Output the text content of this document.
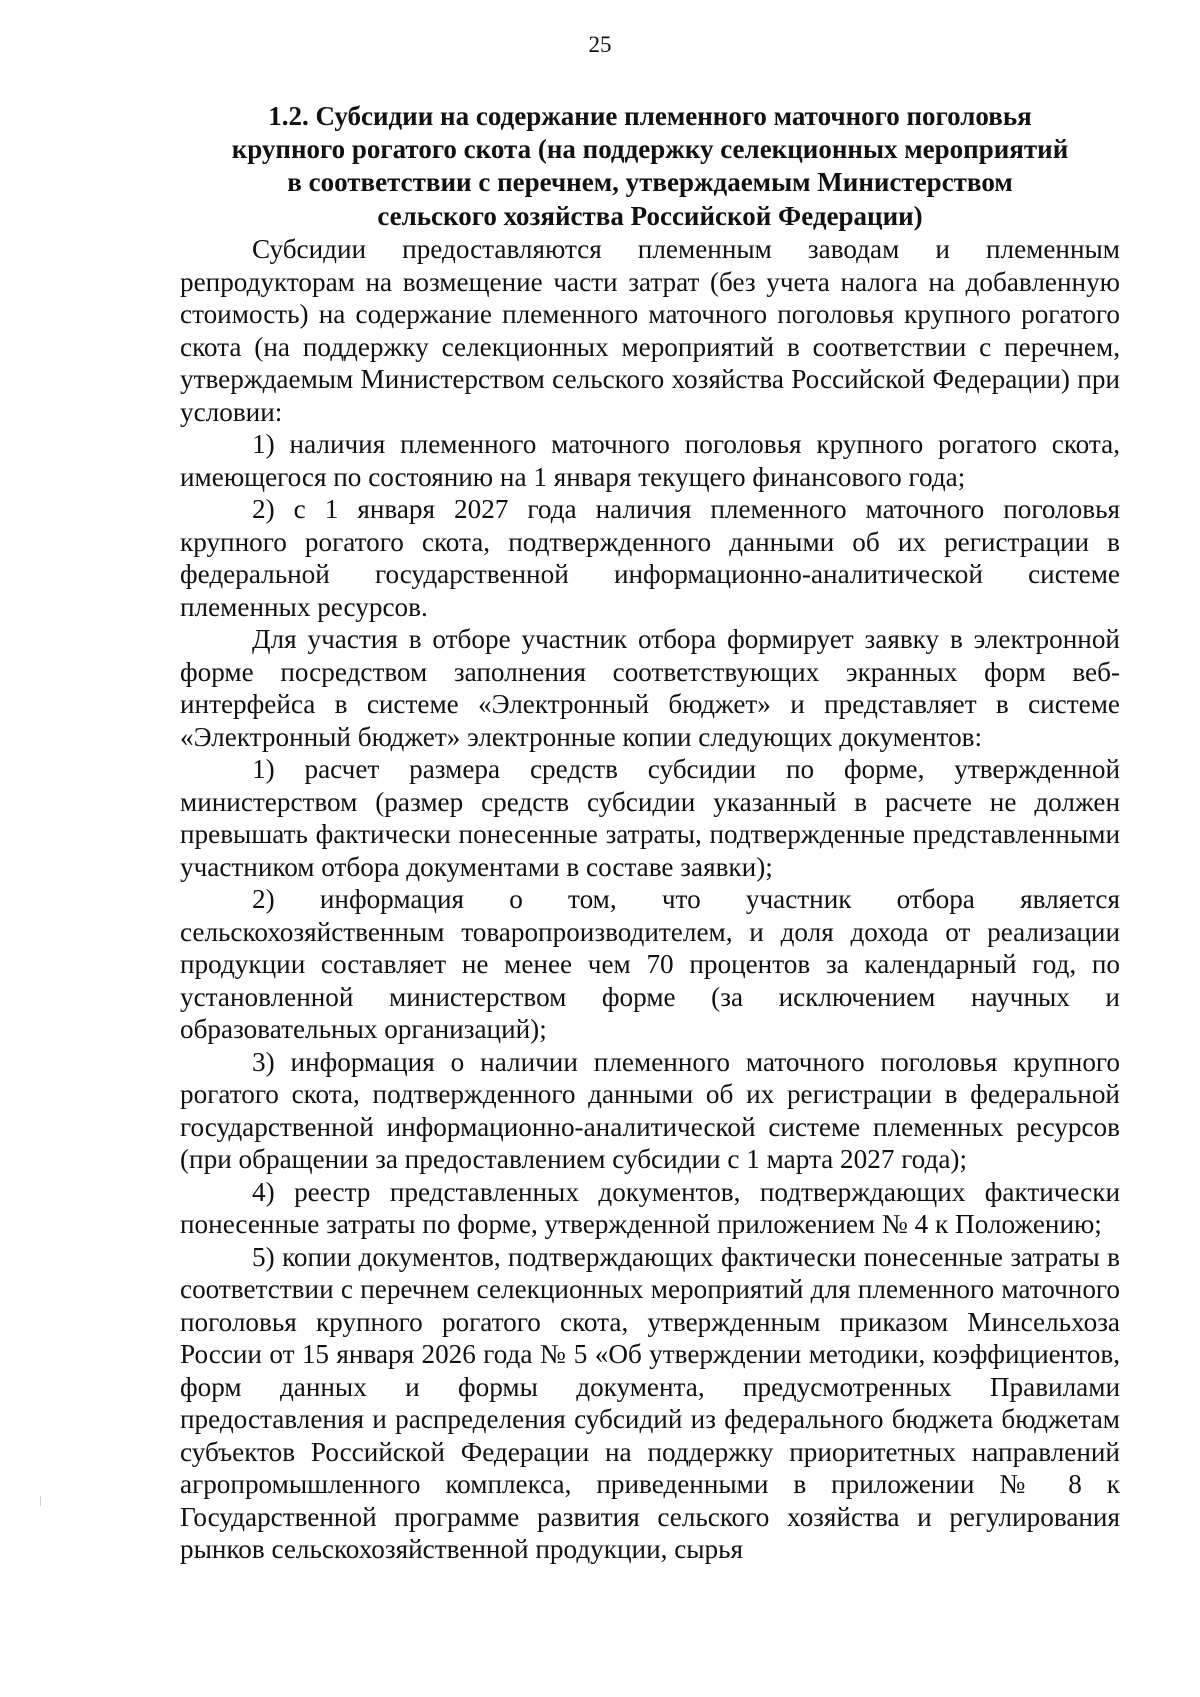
25
1.2. Субсидии на содержание племенного маточного поголовья
крупного рогатого скота (на поддержку селекционных мероприятий
в соответствии с перечнем, утверждаемым Министерством
сельского хозяйства Российской Федерации)

Субсидии предоставляются племенным заводам и племенным репродукторам на возмещение части затрат (без учета налога на добавленную стоимость) на содержание племенного маточного поголовья крупного рогатого скота (на поддержку селекционных мероприятий в соответствии с перечнем, утверждаемым Министерством сельского хозяйства Российской Федерации) при условии:

1) наличия племенного маточного поголовья крупного рогатого скота, имеющегося по состоянию на 1 января текущего финансового года;

2) с 1 января 2027 года наличия племенного маточного поголовья крупного рогатого скота, подтвержденного данными об их регистрации в федеральной государственной информационно-аналитической системе племенных ресурсов.

Для участия в отборе участник отбора формирует заявку в электронной форме посредством заполнения соответствующих экранных форм веб-интерфейса в системе «Электронный бюджет» и представляет в системе «Электронный бюджет» электронные копии следующих документов:

1) расчет размера средств субсидии по форме, утвержденной министерством (размер средств субсидии указанный в расчете не должен превышать фактически понесенные затраты, подтвержденные представленными участником отбора документами в составе заявки);

2) информация о том, что участник отбора является сельскохозяйственным товаропроизводителем, и доля дохода от реализации продукции составляет не менее чем 70 процентов за календарный год, по установленной министерством форме (за исключением научных и образовательных организаций);

3) информация о наличии племенного маточного поголовья крупного рогатого скота, подтвержденного данными об их регистрации в федеральной государственной информационно-аналитической системе племенных ресурсов (при обращении за предоставлением субсидии с 1 марта 2027 года);

4) реестр представленных документов, подтверждающих фактически понесенные затраты по форме, утвержденной приложением № 4 к Положению;

5) копии документов, подтверждающих фактически понесенные затраты в соответствии с перечнем селекционных мероприятий для племенного маточного поголовья крупного рогатого скота, утвержденным приказом Минсельхоза России от 15 января 2026 года № 5 «Об утверждении методики, коэффициентов, форм данных и формы документа, предусмотренных Правилами предоставления и распределения субсидий из федерального бюджета бюджетам субъектов Российской Федерации на поддержку приоритетных направлений агропромышленного комплекса, приведенными в приложении № 8 к Государственной программе развития сельского хозяйства и регулирования рынков сельскохозяйственной продукции, сырья
